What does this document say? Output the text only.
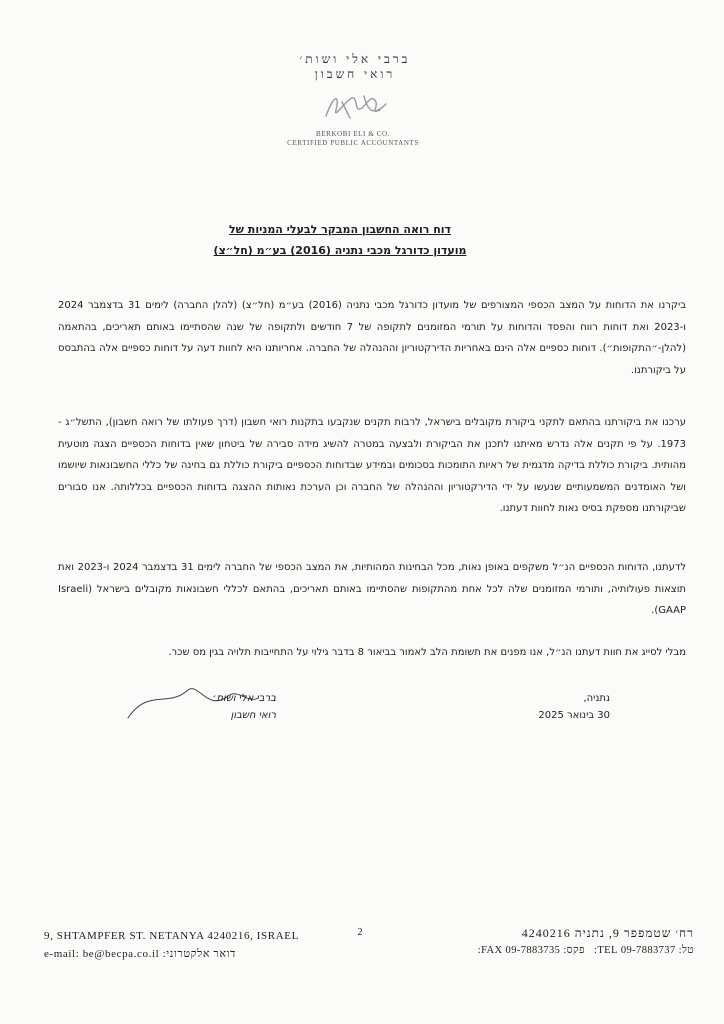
ברבי אלי ושות׳
רואי חשבון
BERKOBI ELI & CO.
CERTIFIED PUBLIC ACCOUNTANTS
דוח רואה החשבון המבקר לבעלי המניות של
מועדון כדורגל מכבי נתניה (2016) בע״מ (חל״צ)

ביקרנו את הדוחות על המצב הכספי המצורפים של מועדון כדורגל מכבי נתניה (2016) בע״מ (חל״צ) (להלן החברה) לימים 31 בדצמבר 2024 ו-2023 ואת דוחות רווח והפסד והדוחות על תורמי המזומנים לתקופה של 7 חודשים ולתקופה של שנה שהסתיימו באותם תאריכים, בהתאמה (להלן-״התקופות״). דוחות כספיים אלה הינם באחריות הדירקטוריון וההנהלה של החברה. אחריותנו היא לחוות דעה על דוחות כספיים אלה בהתבסס על ביקורתנו.

ערכנו את ביקורתנו בהתאם לתקני ביקורת מקובלים בישראל, לרבות תקנים שנקבעו בתקנות רואי חשבון (דרך פעולתו של רואה חשבון), התשל״ג - 1973. על פי תקנים אלה נדרש מאיתנו לתכנן את הביקורת ולבצעה במטרה להשיג מידה סבירה של ביטחון שאין בדוחות הכספיים הצגה מוטעית מהותית. ביקורת כוללת בדיקה מדגמית של ראיות התומכות בסכומים ובמידע שבדוחות הכספיים ביקורת כוללת גם בחינה של כללי החשבונאות שיושמו ושל האומדנים המשמעותיים שנעשו על ידי הדירקטוריון וההנהלה של החברה וכן הערכת נאותות ההצגה בדוחות הכספיים בכללותה. אנו סבורים שביקורתנו מספקת בסיס נאות לחוות דעתנו.

לדעתנו, הדוחות הכספיים הנ״ל משקפים באופן נאות, מכל הבחינות המהותיות, את המצב הכספי של החברה לימים 31 בדצמבר 2024 ו-2023 ואת תוצאות פעולותיה, ותורמי המזומנים שלה לכל אחת מהתקופות שהסתיימו באותם תאריכים, בהתאם לכללי חשבונאות מקובלים בישראל (Israeli GAAP).

מבלי לסייג את חוות דעתנו הנ״ל, אנו מפנים את תשומת הלב לאמור בביאור 8 בדבר גילוי על התחייבות תלויה בגין מס שכר.

ברבי אלי ושות׳
רואי חשבון
נתניה,
30 בינואר 2025
9, SHTAMPFER ST. NETANYA 4240216, ISRAEL
e-mail: be@becpa.co.il דואר אלקטרוני:
2	רח׳ שטמפפר 9, נתניה 4240216
טל: 09-7883737 TEL:   פקס: 09-7883735 FAX:
